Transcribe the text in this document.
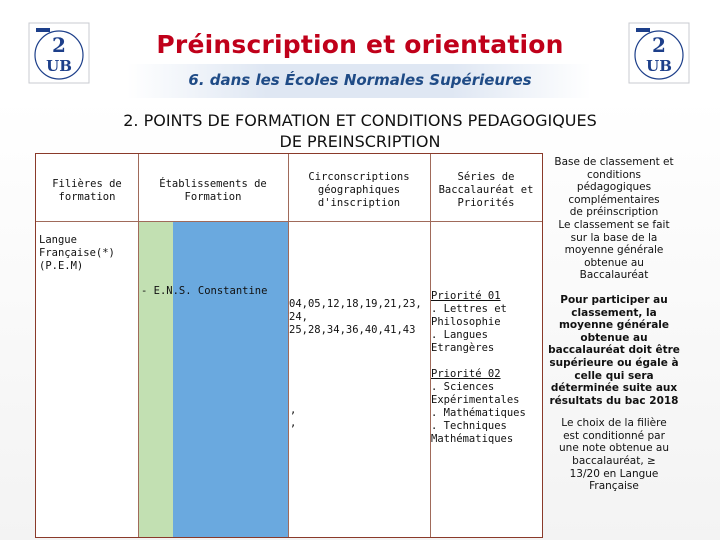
2
UB
2
UB
Préinscription et orientation
6. dans les Écoles Normales Supérieures
2. POINTS DE FORMATION ET CONDITIONS PEDAGOGIQUES
DE PREINSCRIPTION
Filières de
formation
Établissements de
Formation
Circonscriptions
géographiques
d'inscription
Séries de
Baccalauréat et
Priorités
Langue
Française(*)
(P.E.M)
- E.N.S. Constantine
04,05,12,18,19,21,23,
24,
25,28,34,36,40,41,43
,
,
Priorité 01
. Lettres et
Philosophie
. Langues
Etrangères
Priorité 02
. Sciences
Expérimentales
. Mathématiques
. Techniques
Mathématiques
Base de classement et
conditions
pédagogiques
complémentaires
de préinscription
Le classement se fait
sur la base de la
moyenne générale
obtenue au
Baccalauréat
Pour participer au
classement, la
moyenne générale
obtenue au
baccalauréat doit être
supérieure ou égale à
celle qui sera
déterminée suite aux
résultats du bac 2018
Le choix de la filière
est conditionné par
une note obtenue au
baccalauréat, ≥
13/20 en Langue
Française
